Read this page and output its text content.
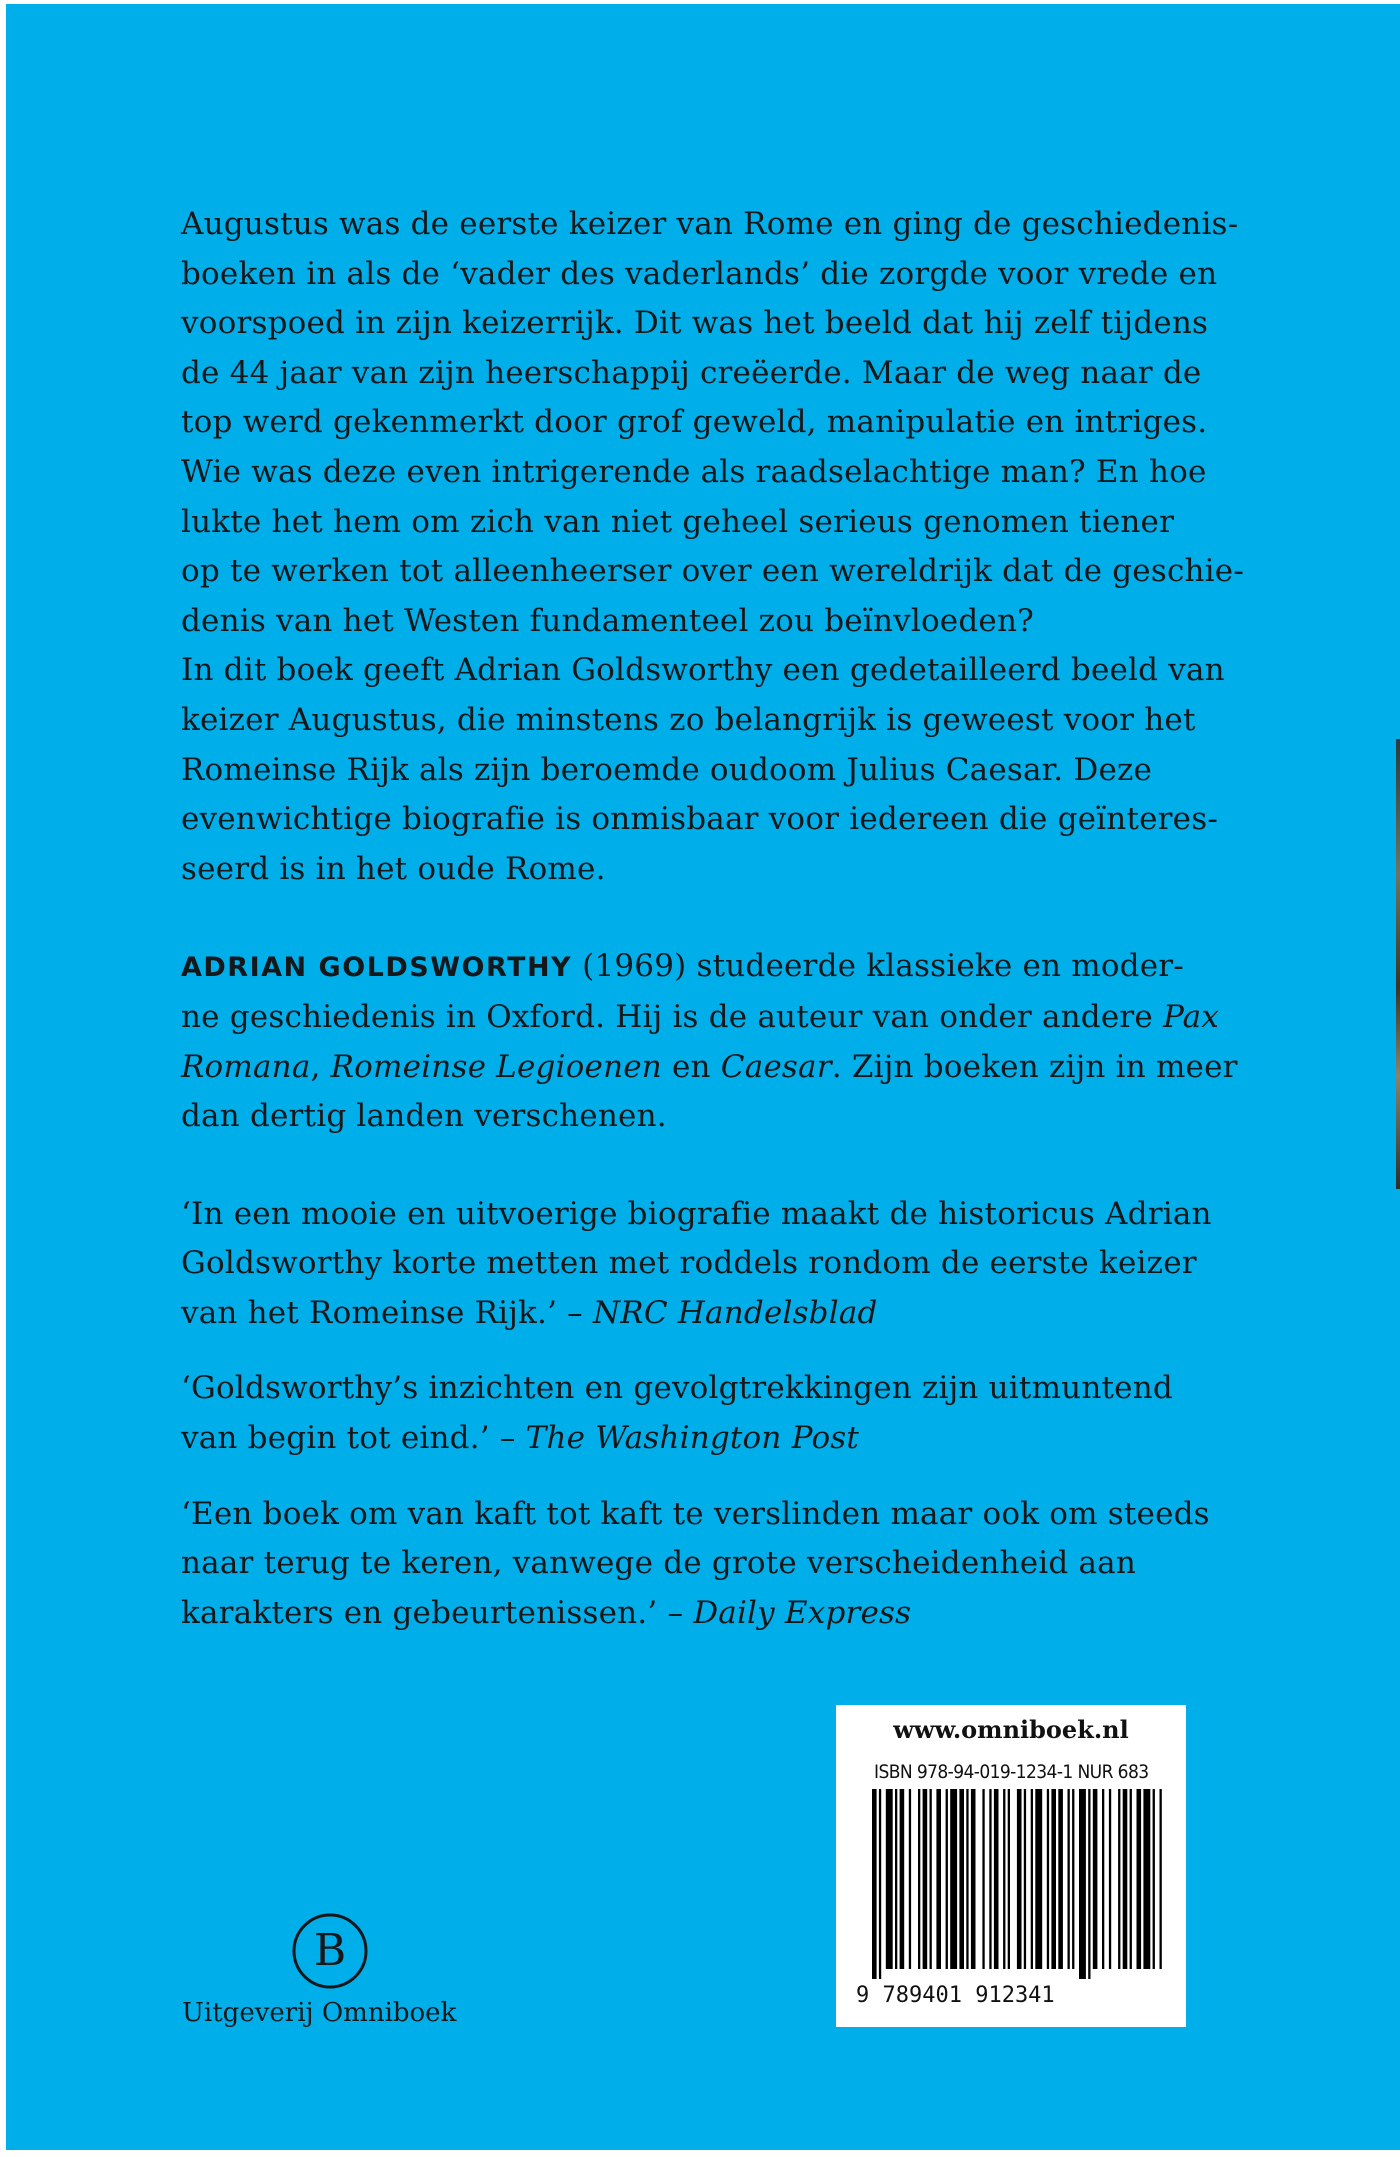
Augustus was de eerste keizer van Rome en ging de geschiedenis-
boeken in als de ‘vader des vaderlands’ die zorgde voor vrede en
voorspoed in zijn keizerrijk. Dit was het beeld dat hij zelf tijdens
de 44 jaar van zijn heerschappij creëerde. Maar de weg naar de
top werd gekenmerkt door grof geweld, manipulatie en intriges.
Wie was deze even intrigerende als raadselachtige man? En hoe
lukte het hem om zich van niet geheel serieus genomen tiener
op te werken tot alleenheerser over een wereldrijk dat de geschie-
denis van het Westen fundamenteel zou beïnvloeden?

In dit boek geeft Adrian Goldsworthy een gedetailleerd beeld van
keizer Augustus, die minstens zo belangrijk is geweest voor het
Romeinse Rijk als zijn beroemde oudoom Julius Caesar. Deze
evenwichtige biografie is onmisbaar voor iedereen die geïnteres-
seerd is in het oude Rome.

ADRIAN GOLDSWORTHY (1969) studeerde klassieke en moder-
ne geschiedenis in Oxford. Hij is de auteur van onder andere Pax
Romana, Romeinse Legioenen en Caesar. Zijn boeken zijn in meer
dan dertig landen verschenen.

‘In een mooie en uitvoerige biografie maakt de historicus Adrian
Goldsworthy korte metten met roddels rondom de eerste keizer
van het Romeinse Rijk.’ – NRC Handelsblad

‘Goldsworthy’s inzichten en gevolgtrekkingen zijn uitmuntend
van begin tot eind.’ – The Washington Post

‘Een boek om van kaft tot kaft te verslinden maar ook om steeds
naar terug te keren, vanwege de grote verscheidenheid aan
karakters en gebeurtenissen.’ – Daily Express

www.omniboek.nl
ISBN 978-94-019-1234-1 NUR 683
9 789401 912341
B
Uitgeverij Omniboek
